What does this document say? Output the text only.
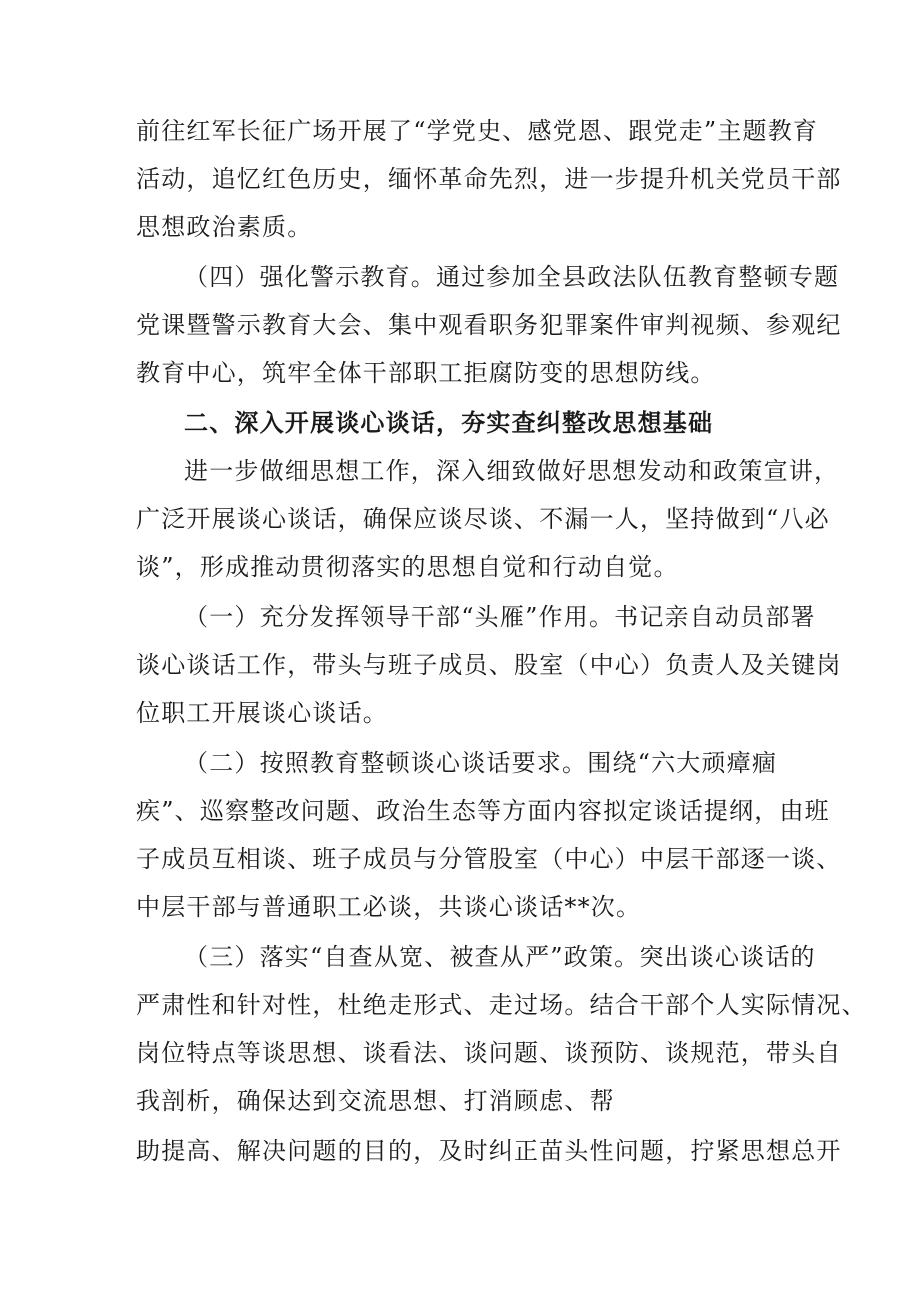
前往红军长征广场开展了“学党史、感党恩、跟党走”主题教育
活动，追忆红色历史，缅怀革命先烈，进一步提升机关党员干部
思想政治素质。
（四）强化警示教育。通过参加全县政法队伍教育整顿专题
党课暨警示教育大会、集中观看职务犯罪案件审判视频、参观纪
教育中心，筑牢全体干部职工拒腐防变的思想防线。
二、深入开展谈心谈话，夯实查纠整改思想基础
进一步做细思想工作，深入细致做好思想发动和政策宣讲，
广泛开展谈心谈话，确保应谈尽谈、不漏一人，坚持做到“八必
谈”，形成推动贯彻落实的思想自觉和行动自觉。
（一）充分发挥领导干部“头雁”作用。书记亲自动员部署
谈心谈话工作，带头与班子成员、股室（中心）负责人及关键岗
位职工开展谈心谈话。
（二）按照教育整顿谈心谈话要求。围绕“六大顽瘴痼
疾”、巡察整改问题、政治生态等方面内容拟定谈话提纲，由班
子成员互相谈、班子成员与分管股室（中心）中层干部逐一谈、
中层干部与普通职工必谈，共谈心谈话**次。
（三）落实“自查从宽、被查从严”政策。突出谈心谈话的
严肃性和针对性，杜绝走形式、走过场。结合干部个人实际情况、
岗位特点等谈思想、谈看法、谈问题、谈预防、谈规范，带头自
我剖析，确保达到交流思想、打消顾虑、帮
助提高、解决问题的目的，及时纠正苗头性问题，拧紧思想总开
